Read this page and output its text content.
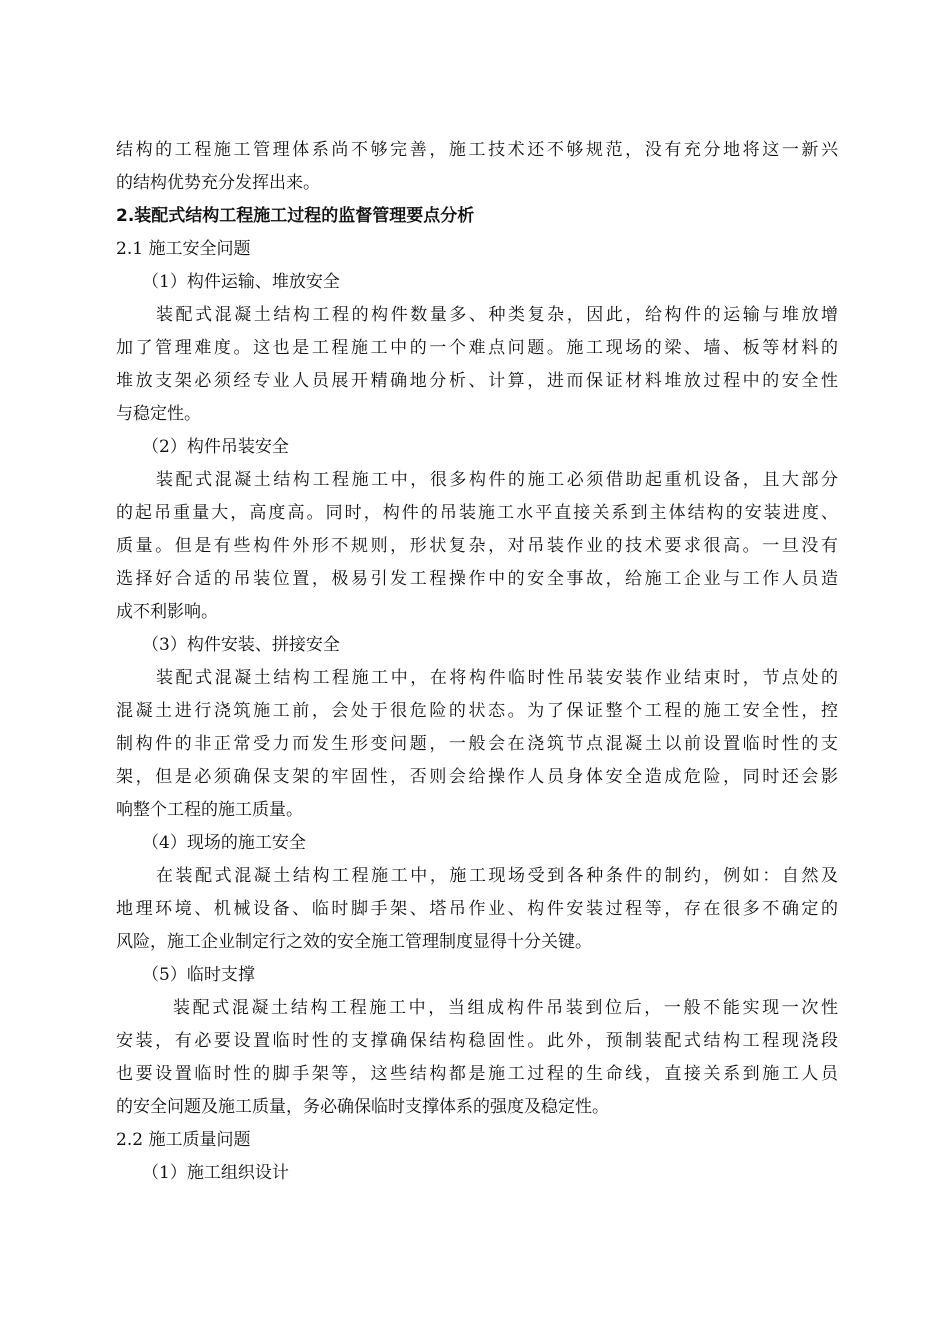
结构的工程施工管理体系尚不够完善，施工技术还不够规范，没有充分地将这一新兴
的结构优势充分发挥出来。
2.装配式结构工程施工过程的监督管理要点分析
2.1 施工安全问题
（1）构件运输、堆放安全
装配式混凝土结构工程的构件数量多、种类复杂，因此，给构件的运输与堆放增
加了管理难度。这也是工程施工中的一个难点问题。施工现场的梁、墙、板等材料的
堆放支架必须经专业人员展开精确地分析、计算，进而保证材料堆放过程中的安全性
与稳定性。
（2）构件吊装安全
装配式混凝土结构工程施工中，很多构件的施工必须借助起重机设备，且大部分
的起吊重量大，高度高。同时，构件的吊装施工水平直接关系到主体结构的安装进度、
质量。但是有些构件外形不规则，形状复杂，对吊装作业的技术要求很高。一旦没有
选择好合适的吊装位置，极易引发工程操作中的安全事故，给施工企业与工作人员造
成不利影响。
（3）构件安装、拼接安全
装配式混凝土结构工程施工中，在将构件临时性吊装安装作业结束时，节点处的
混凝土进行浇筑施工前，会处于很危险的状态。为了保证整个工程的施工安全性，控
制构件的非正常受力而发生形变问题，一般会在浇筑节点混凝土以前设置临时性的支
架，但是必须确保支架的牢固性，否则会给操作人员身体安全造成危险，同时还会影
响整个工程的施工质量。
（4）现场的施工安全
在装配式混凝土结构工程施工中，施工现场受到各种条件的制约，例如：自然及
地理环境、机械设备、临时脚手架、塔吊作业、构件安装过程等，存在很多不确定的
风险，施工企业制定行之效的安全施工管理制度显得十分关键。
（5）临时支撑
装配式混凝土结构工程施工中，当组成构件吊装到位后，一般不能实现一次性
安装，有必要设置临时性的支撑确保结构稳固性。此外，预制装配式结构工程现浇段
也要设置临时性的脚手架等，这些结构都是施工过程的生命线，直接关系到施工人员
的安全问题及施工质量，务必确保临时支撑体系的强度及稳定性。
2.2 施工质量问题
（1）施工组织设计
